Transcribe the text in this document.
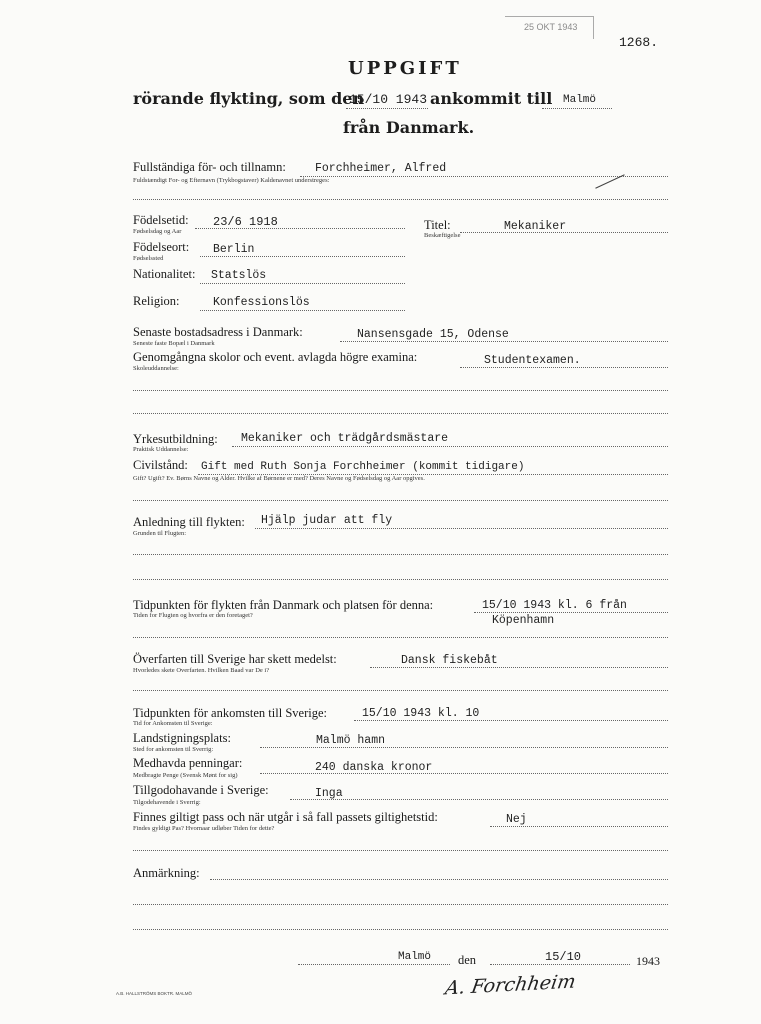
25 OKT 1943
1268.
UPPGIFT
rörande flykting, som den
15/10 1943 ankommit till Malmö
från Danmark.
Fullständiga för- och tillnamn:	Forchheimer, Alfred
Fuldstændigt For- og Efternavn (Trykbogstaver) Kaldenavnet understreges:
Födelsetid: 23/6 1918
Fødselsdag og Aar	Titel:	Mekaniker
Beskæftigelse
Födelseort: Berlin
Fødselssted
Nationalitet: Statslös
Religion:	Konfessionslös
Senaste bostadsadress i Danmark:	Nansensgade 15, Odense
Seneste faste Bopæl i Danmark
Genomgångna skolor och event. avlagda högre examina:	Studentexamen.
Skoleuddannelse:
Yrkesutbildning: Mekaniker och trädgårdsmästare
Praktisk Uddannelse:
Civilstånd: Gift med Ruth Sonja Forchheimer (kommit tidigare)
Gift? Ugift? Ev. Børns Navne og Alder. Hvilke af Børnene er med? Deres Navne og Fødselsdag og Aar opgives.
Anledning till flykten: Hjälp judar att fly
Grunden til Flugten:
Tidpunkten för flykten från Danmark och platsen för denna:	15/10 1943 kl. 6 från
Tiden for Flugten og hvorfra er den foretaget?	Köpenhamn
Överfarten till Sverige har skett medelst:	Dansk fiskebåt
Hvorledes skete Overfarten. Hvilken Baad var De i?
Tidpunkten för ankomsten till Sverige:	15/10 1943 kl. 10
Tid for Ankomsten til Sverige:
Landstigningsplats:	Malmö hamn
Sted for ankomsten til Sverrig:
Medhavda penningar:	240 danska kronor
Medbragte Penge (Svensk Mønt for sig)
Tillgodohavande i Sverige:	Inga
Tilgodehavende i Sverrig:
Finnes giltigt pass och när utgår i så fall passets giltighetstid:	Nej
Findes gyldigt Pas? Hvornaar udløber Tiden for dette?
Anmärkning:
Malmö den	15/10	1943
A. Forchheim
A.B. HALLSTRÖMS BOKTR. MALMÖ
